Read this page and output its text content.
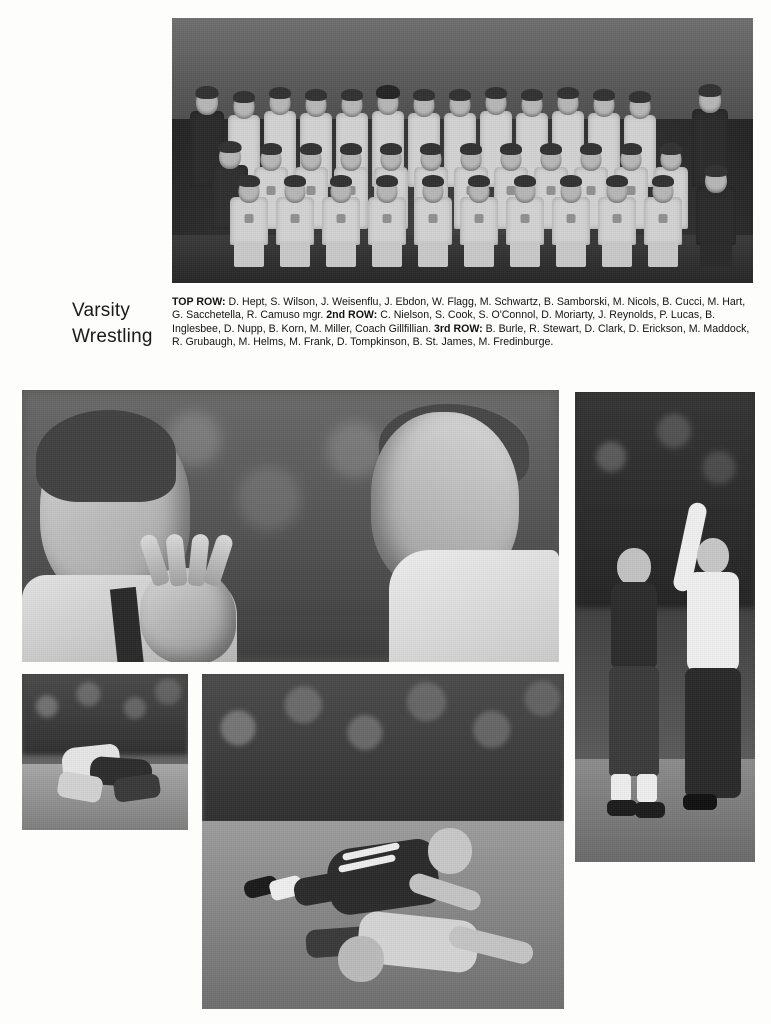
Varsity
Wrestling
TOP ROW: D. Hept, S. Wilson, J. Weisenflu, J. Ebdon, W. Flagg, M. Schwartz, B. Samborski, M. Nicols, B. Cucci, M. Hart, G. Sacchetella, R. Camuso mgr. 2nd ROW: C. Nielson, S. Cook, S. O'Connol, D. Moriarty, J. Reynolds, P. Lucas, B. Inglesbee, D. Nupp, B. Korn, M. Miller, Coach Gillfillian. 3rd ROW: B. Burle, R. Stewart, D. Clark, D. Erickson, M. Maddock, R. Grubaugh, M. Helms, M. Frank, D. Tompkinson, B. St. James, M. Fredinburge.
